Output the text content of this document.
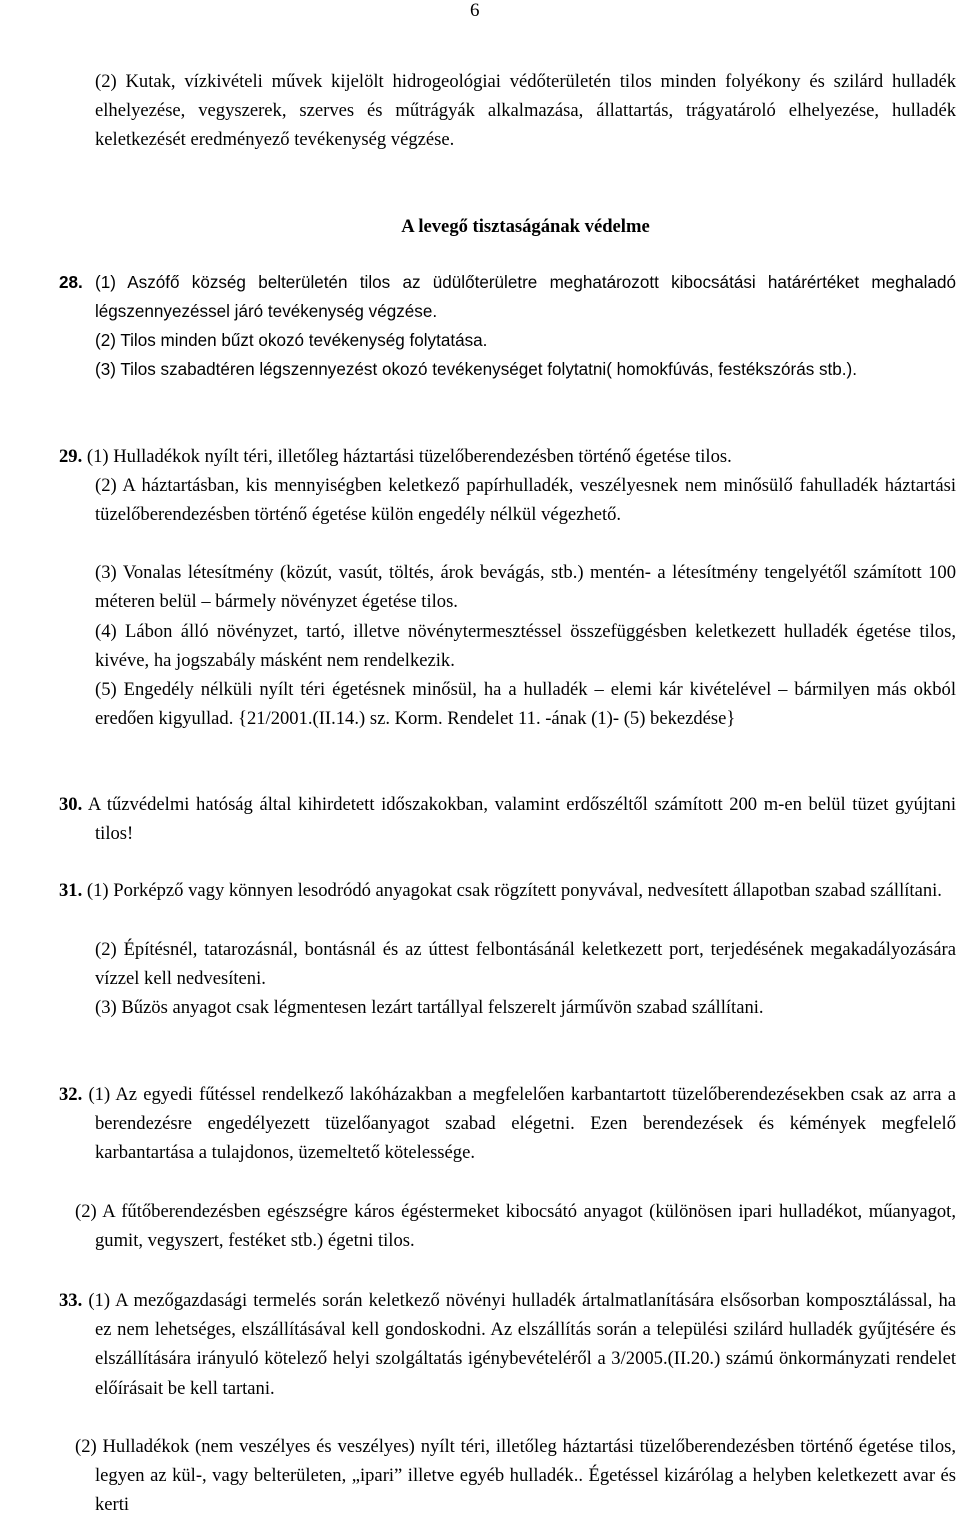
6

(2) Kutak, vízkivételi művek kijelölt hidrogeológiai védőterületén tilos minden folyékony és szilárd hulladék elhelyezése, vegyszerek, szerves és műtrágyák alkalmazása, állattartás, trágyatároló elhelyezése, hulladék keletkezését eredményező tevékenység végzése.

A levegő tisztaságának védelme

28. (1) Aszófő község belterületén tilos az üdülőterületre meghatározott kibocsátási határértéket meghaladó légszennyezéssel járó tevékenység végzése.

(2) Tilos minden bűzt okozó tevékenység folytatása.

(3) Tilos szabadtéren légszennyezést okozó tevékenységet folytatni( homokfúvás, festékszórás stb.).

29. (1) Hulladékok nyílt téri, illetőleg háztartási tüzelőberendezésben történő égetése tilos.

(2) A háztartásban, kis mennyiségben keletkező papírhulladék, veszélyesnek nem minősülő fahulladék háztartási tüzelőberendezésben történő égetése külön engedély nélkül végezhető.

(3) Vonalas létesítmény (közút, vasút, töltés, árok bevágás, stb.) mentén- a létesítmény tengelyétől számított 100 méteren belül – bármely növényzet égetése tilos.

(4) Lábon álló növényzet, tartó, illetve növénytermesztéssel összefüggésben keletkezett hulladék égetése tilos, kivéve, ha jogszabály másként nem rendelkezik.

(5) Engedély nélküli nyílt téri égetésnek minősül, ha a hulladék – elemi kár kivételével – bármilyen más okból eredően kigyullad. {21/2001.(II.14.) sz. Korm. Rendelet 11. -ának (1)- (5) bekezdése}

30. A tűzvédelmi hatóság által kihirdetett időszakokban, valamint erdőszéltől számított 200 m-en belül tüzet gyújtani tilos!

31. (1) Porképző vagy könnyen lesodródó anyagokat csak rögzített ponyvával, nedvesített állapotban szabad szállítani.

(2) Építésnél, tatarozásnál, bontásnál és az úttest felbontásánál keletkezett port, terjedésének megakadályozására vízzel kell nedvesíteni.

(3) Bűzös anyagot csak légmentesen lezárt tartállyal felszerelt járművön szabad szállítani.

32. (1) Az egyedi fűtéssel rendelkező lakóházakban a megfelelően karbantartott tüzelőberendezésekben csak az arra a berendezésre engedélyezett tüzelőanyagot szabad elégetni. Ezen berendezések és kémények megfelelő karbantartása a tulajdonos, üzemeltető kötelessége.

(2) A fűtőberendezésben egészségre káros égéstermeket kibocsátó anyagot (különösen ipari hulladékot, műanyagot, gumit, vegyszert, festéket stb.) égetni tilos.

33. (1) A mezőgazdasági termelés során keletkező növényi hulladék ártalmatlanítására elsősorban komposztálással, ha ez nem lehetséges, elszállításával kell gondoskodni. Az elszállítás során a települési szilárd hulladék gyűjtésére és elszállítására irányuló kötelező helyi szolgáltatás igénybevételéről a 3/2005.(II.20.) számú önkormányzati rendelet előírásait be kell tartani.

(2) Hulladékok (nem veszélyes és veszélyes) nyílt téri, illetőleg háztartási tüzelőberendezésben történő égetése tilos, legyen az kül-, vagy belterületen, „ipari” illetve egyéb hulladék.. Égetéssel kizárólag a helyben keletkezett avar és kerti
